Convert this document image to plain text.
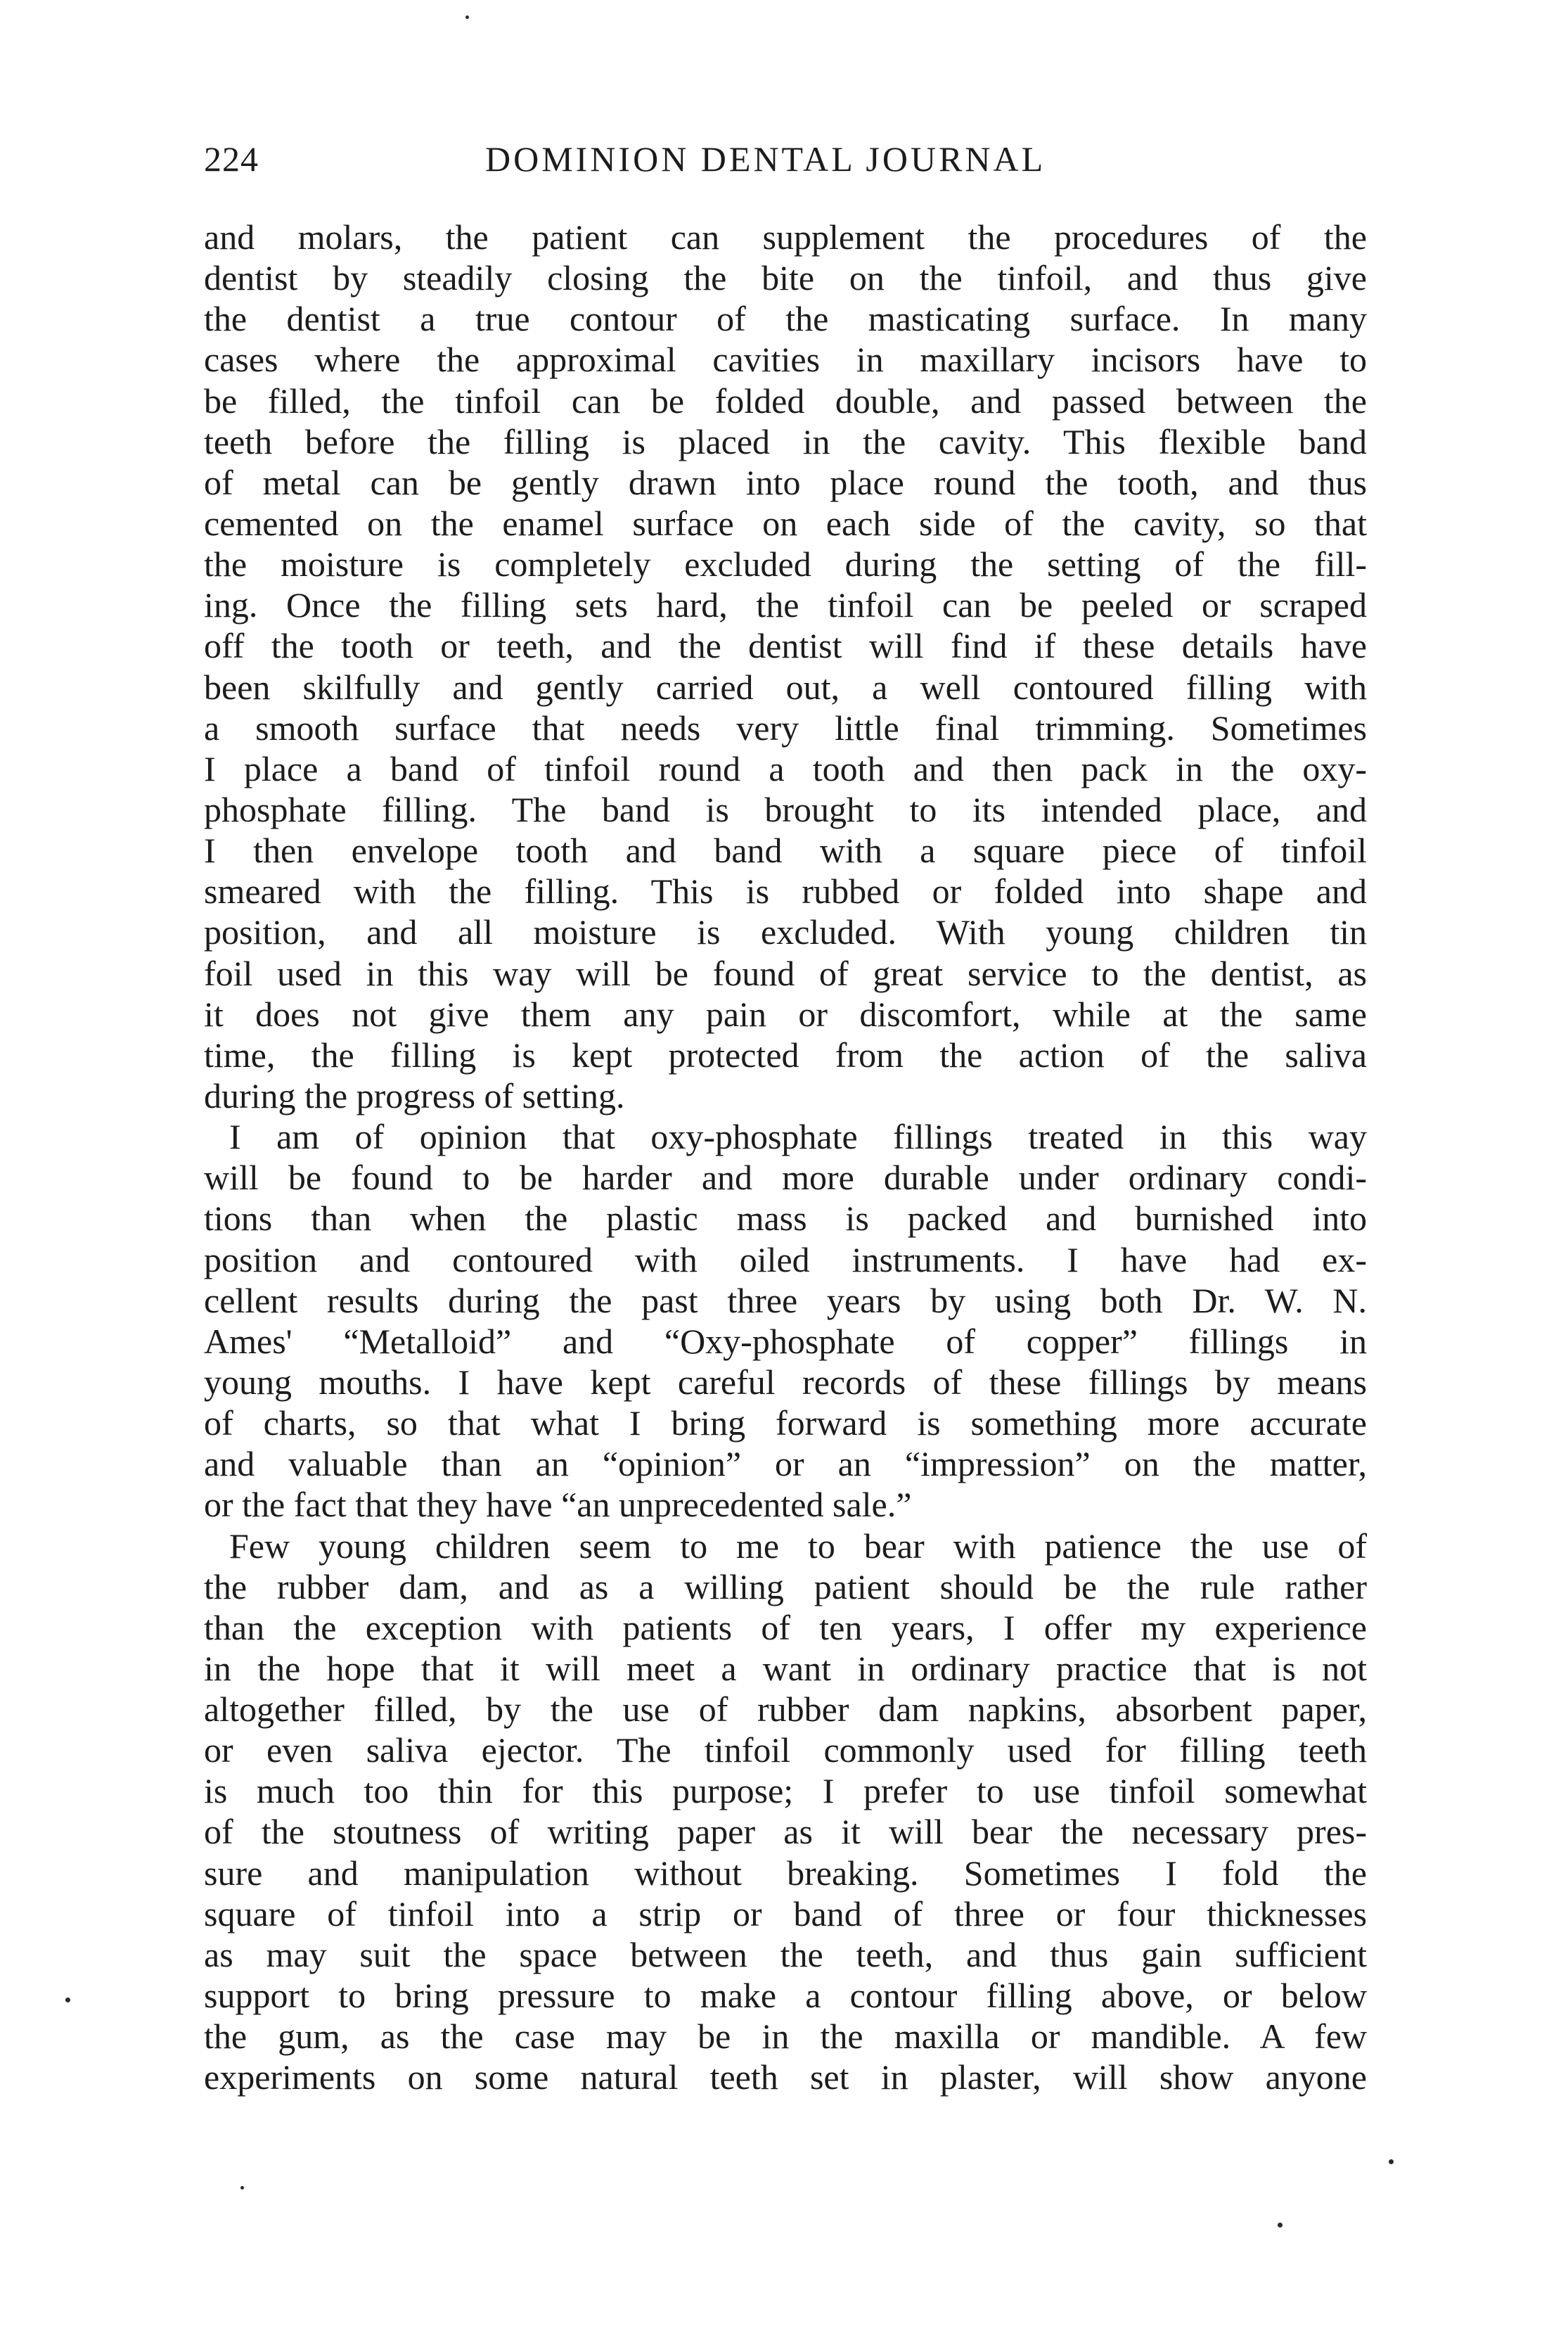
224	DOMINION DENTAL JOURNAL
and molars, the patient can supplement the procedures of the
dentist by steadily closing the bite on the tinfoil, and thus give
the dentist a true contour of the masticating surface. In many
cases where the approximal cavities in maxillary incisors have to
be filled, the tinfoil can be folded double, and passed between the
teeth before the filling is placed in the cavity. This flexible band
of metal can be gently drawn into place round the tooth, and thus
cemented on the enamel surface on each side of the cavity, so that
the moisture is completely excluded during the setting of the fill-
ing. Once the filling sets hard, the tinfoil can be peeled or scraped
off the tooth or teeth, and the dentist will find if these details have
been skilfully and gently carried out, a well contoured filling with
a smooth surface that needs very little final trimming. Sometimes
I place a band of tinfoil round a tooth and then pack in the oxy-
phosphate filling. The band is brought to its intended place, and
I then envelope tooth and band with a square piece of tinfoil
smeared with the filling. This is rubbed or folded into shape and
position, and all moisture is excluded. With young children tin
foil used in this way will be found of great service to the dentist, as
it does not give them any pain or discomfort, while at the same
time, the filling is kept protected from the action of the saliva
during the progress of setting.
I am of opinion that oxy-phosphate fillings treated in this way
will be found to be harder and more durable under ordinary condi-
tions than when the plastic mass is packed and burnished into
position and contoured with oiled instruments. I have had ex-
cellent results during the past three years by using both Dr. W. N.
Ames' “Metalloid” and “Oxy-phosphate of copper” fillings in
young mouths. I have kept careful records of these fillings by means
of charts, so that what I bring forward is something more accurate
and valuable than an “opinion” or an “impression” on the matter,
or the fact that they have “an unprecedented sale.”
Few young children seem to me to bear with patience the use of
the rubber dam, and as a willing patient should be the rule rather
than the exception with patients of ten years, I offer my experience
in the hope that it will meet a want in ordinary practice that is not
altogether filled, by the use of rubber dam napkins, absorbent paper,
or even saliva ejector. The tinfoil commonly used for filling teeth
is much too thin for this purpose; I prefer to use tinfoil somewhat
of the stoutness of writing paper as it will bear the necessary pres-
sure and manipulation without breaking. Sometimes I fold the
square of tinfoil into a strip or band of three or four thicknesses
as may suit the space between the teeth, and thus gain sufficient
support to bring pressure to make a contour filling above, or below
the gum, as the case may be in the maxilla or mandible. A few
experiments on some natural teeth set in plaster, will show anyone
